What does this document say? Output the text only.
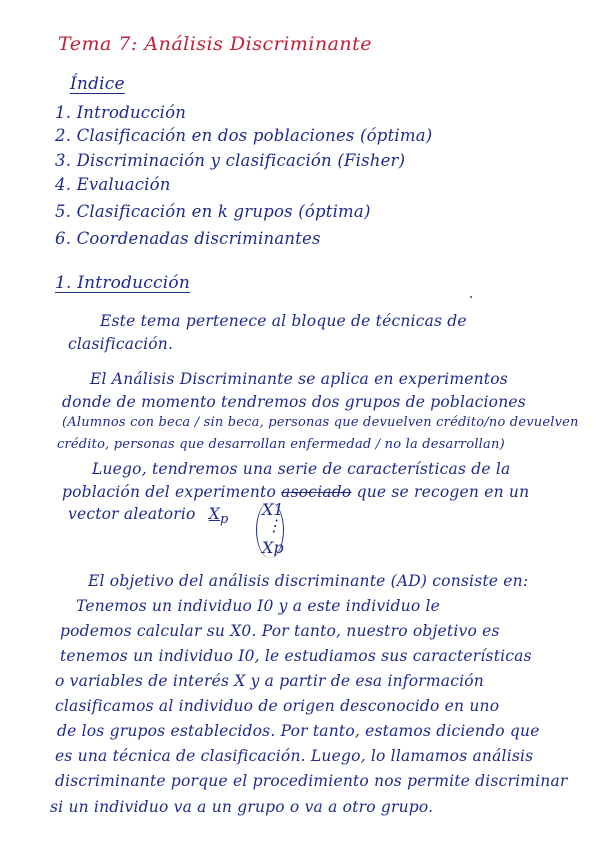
Tema 7: Análisis Discriminante
Índice
1. Introducción
2. Clasificación en dos poblaciones (óptima)
3. Discriminación y clasificación (Fisher)
4. Evaluación
5. Clasificación en k grupos (óptima)
6. Coordenadas discriminantes
1. Introducción
Este tema pertenece al bloque de técnicas de
clasificación.
El Análisis Discriminante se aplica en experimentos
donde de momento tendremos dos grupos de poblaciones
(Alumnos con beca / sin beca, personas que devuelven crédito/no devuelven
crédito, personas que desarrollan enfermedad / no la desarrollan)
Luego, tendremos una serie de características de la
población del experimento asociado que se recogen en un
vector aleatorio $X_p$
X1
⋮
Xp
El objetivo del análisis discriminante (AD) consiste en:
Tenemos un individuo I0 y a este individuo le
podemos calcular su X0. Por tanto, nuestro objetivo es
tenemos un individuo I0, le estudiamos sus características
o variables de interés X y a partir de esa información
clasificamos al individuo de origen desconocido en uno
de los grupos establecidos. Por tanto, estamos diciendo que
es una técnica de clasificación. Luego, lo llamamos análisis
discriminante porque el procedimiento nos permite discriminar
si un individuo va a un grupo o va a otro grupo.
